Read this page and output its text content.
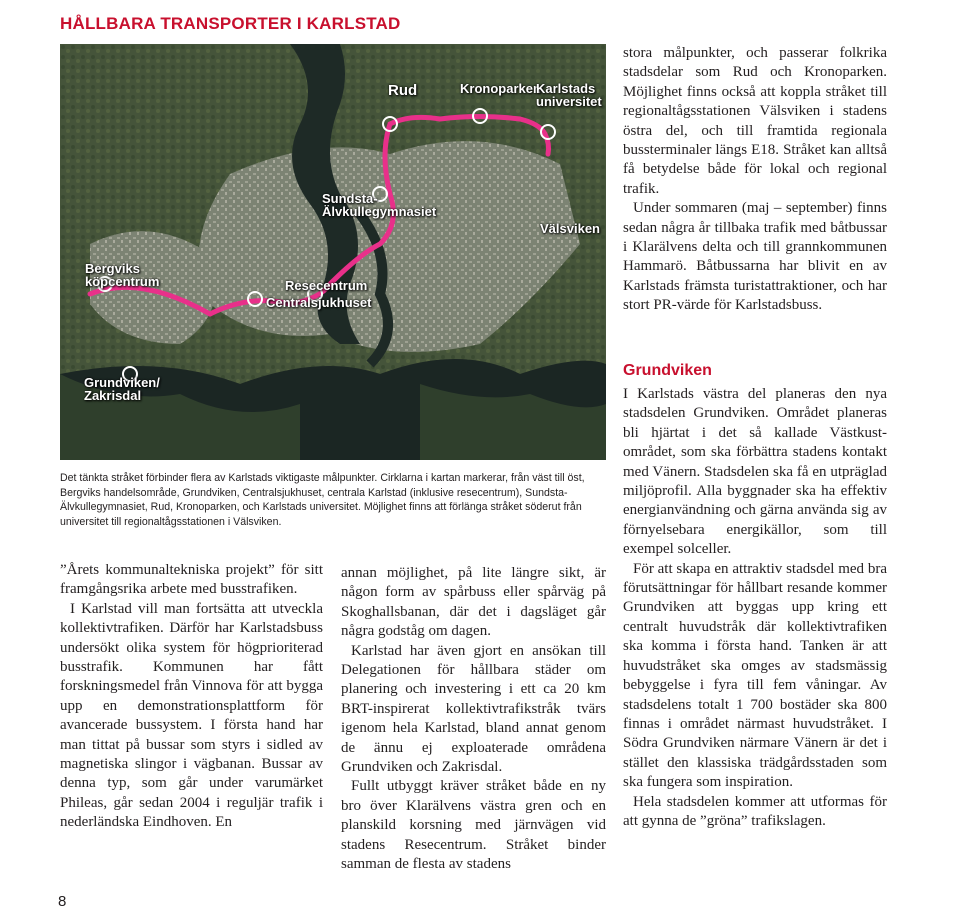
HÅLLBARA TRANSPORTER I KARLSTAD
Rud	Kronoparken
Karlstads
universitet
Sundsta-
Älvkullegymnasiet
Välsviken
Bergviks
köpcentrum	Resecentrum
Centralsjukhuset
Grundviken/
Zakrisdal
Det tänkta stråket förbinder flera av Karlstads viktigaste målpunkter. Cirklarna i kartan markerar, från väst till öst, Bergviks handelsområde, Grundviken, Centralsjukhuset, centrala Karlstad (inklusive resecentrum), Sundsta-Älvkullegymnasiet, Rud, Kronoparken, och Karlstads universitet. Möjlighet finns att förlänga stråket söderut från universitet till regionaltågsstationen i Välsviken.

”Årets kommunaltekniska projekt” för sitt framgångsrika arbete med busstrafiken.

I Karlstad vill man fortsätta att utveckla kollektivtrafiken. Därför har Karlstadsbuss undersökt olika system för högprioriterad busstrafik. Kommunen har fått forskningsmedel från Vinnova för att bygga upp en demonstrationsplattform för avancerade bussystem. I första hand har man tittat på bussar som styrs i sidled av magnetiska slingor i vägbanan. Bussar av denna typ, som går under varumärket Phileas, går sedan 2004 i reguljär trafik i nederländska Eindhoven. En

annan möjlighet, på lite längre sikt, är någon form av spårbuss eller spårväg på Skoghallsbanan, där det i dagsläget går några godståg om dagen.

Karlstad har även gjort en ansökan till Delegationen för hållbara städer om planering och investering i ett ca 20 km BRT-inspirerat kollektivtrafikstråk tvärs igenom hela Karlstad, bland annat genom de ännu ej exploaterade områdena Grundviken och Zakrisdal.

Fullt utbyggt kräver stråket både en ny bro över Klarälvens västra gren och en planskild korsning med järnvägen vid stadens Resecentrum. Stråket binder samman de flesta av stadens

stora målpunkter, och passerar folkrika stadsdelar som Rud och Kronoparken. Möjlighet finns också att koppla stråket till regionaltågsstationen Välsviken i stadens östra del, och till framtida regionala bussterminaler längs E18. Stråket kan alltså få betydelse både för lokal och regional trafik.

Under sommaren (maj – september) finns sedan några år tillbaka trafik med båtbussar i Klarälvens delta och till grannkommunen Hammarö. Båtbussarna har blivit en av Karlstads främsta turistattraktioner, och har stort PR-värde för Karlstadsbuss.

Grundviken

I Karlstads västra del planeras den nya stadsdelen Grundviken. Området planeras bli hjärtat i det så kallade Västkust-området, som ska förbättra stadens kontakt med Vänern. Stadsdelen ska få en utpräglad miljöprofil. Alla byggnader ska ha effektiv energianvändning och gärna använda sig av förnyelsebara energikällor, som till exempel solceller.

För att skapa en attraktiv stadsdel med bra förutsättningar för hållbart resande kommer Grundviken att byggas upp kring ett centralt huvudstråk där kollektivtrafiken ska komma i första hand. Tanken är att huvudstråket ska omges av stadsmässig bebyggelse i fyra till fem våningar. Av stadsdelens totalt 1 700 bostäder ska 800 finnas i området närmast huvudstråket. I Södra Grundviken närmare Vänern är det i stället den klassiska trädgårdsstaden som ska fungera som inspiration.

Hela stadsdelen kommer att utformas för att gynna de ”gröna” trafikslagen.

8
